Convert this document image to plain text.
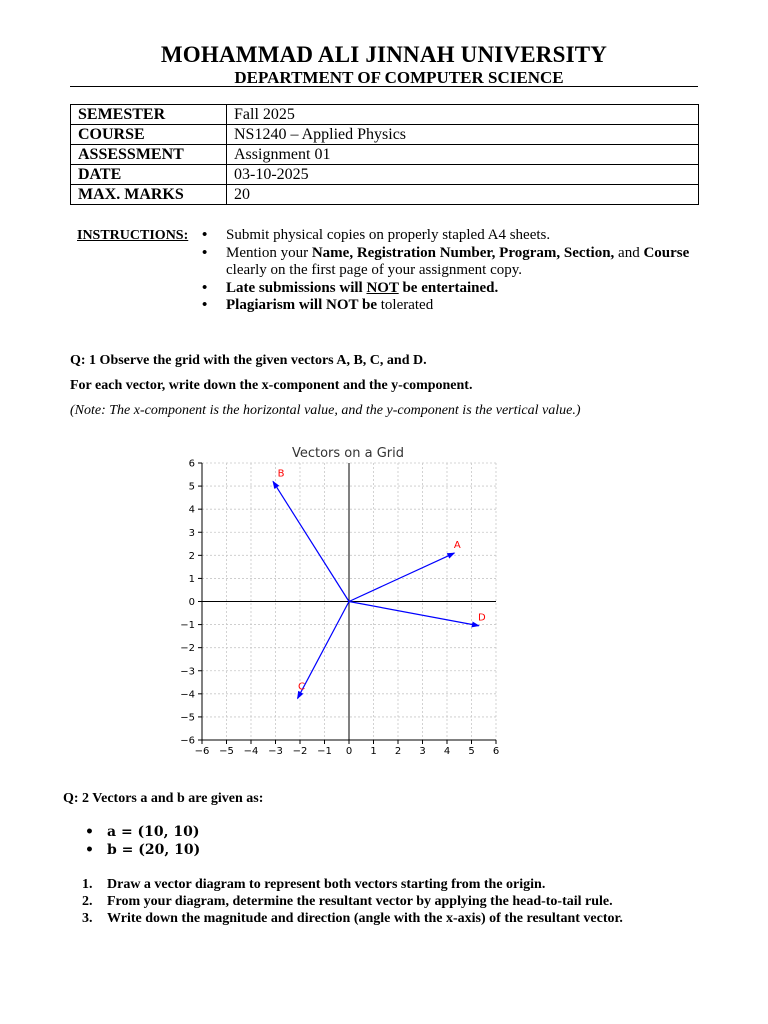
MOHAMMAD ALI JINNAH UNIVERSITY
DEPARTMENT OF COMPUTER SCIENCE
SEMESTER	Fall 2025
COURSE	NS1240 – Applied Physics
ASSESSMENT	Assignment 01
DATE	03-10-2025
MAX. MARKS	20
INSTRUCTIONS:	• Submit physical copies on properly stapled A4 sheets.
• Mention your Name, Registration Number, Program, Section, and Course clearly on the first page of your assignment copy.
• Late submissions will NOT be entertained.
• Plagiarism will NOT be tolerated
Q: 1 Observe the grid with the given vectors A, B, C, and D.
For each vector, write down the x-component and the y-component.
(Note: The x-component is the horizontal value, and the y-component is the vertical value.)
Vectors on a Grid
−6 −5 −4 −3 −2 −1 0 1 2 3 4 5 6
6
5
4
3
2
1
0
−1
−2
−3
−4
−5
−6
A
B
C
D
Q: 2 Vectors a and b are given as:
• a = (10, 10)
• b = (20, 10)
1. Draw a vector diagram to represent both vectors starting from the origin.
2. From your diagram, determine the resultant vector by applying the head-to-tail rule.
3. Write down the magnitude and direction (angle with the x-axis) of the resultant vector.
